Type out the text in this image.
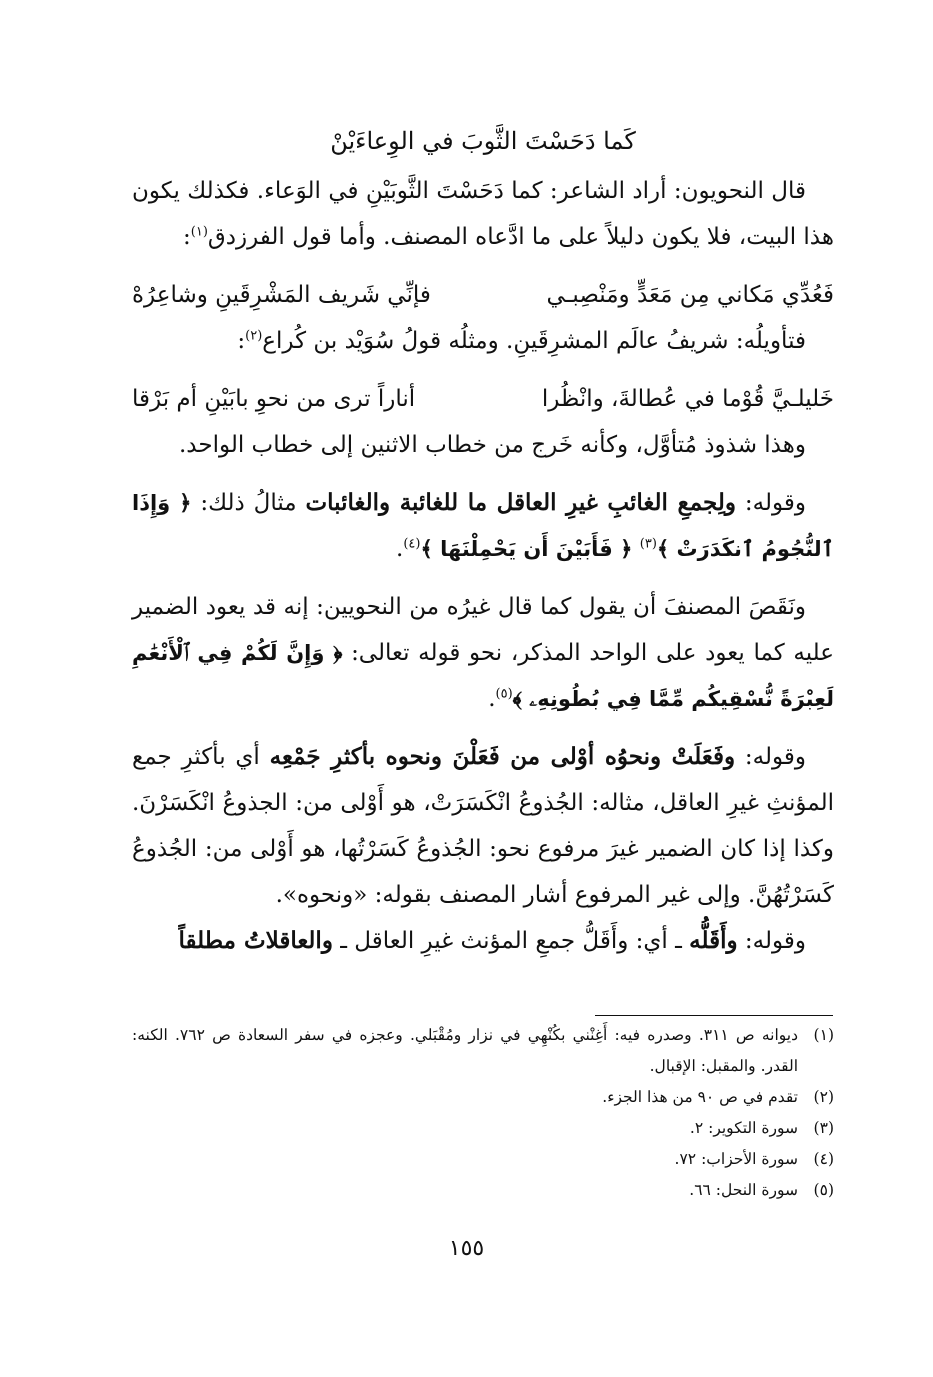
كَما دَحَسْتَ الثَّوبَ في الوِعاءَيْنْ

قال النحويون: أراد الشاعر: كما دَحَسْتَ الثَّوبَيْنِ في الوَعاء. فكذلك يكون هذا البيت، فلا يكون دليلاً على ما ادَّعاه المصنف. وأما قول الفرزدق$^{(١)}$:

فَعُدِّي مَكاني مِن مَعَدٍّ ومَنْصِبـي
فإنِّي شَريف المَشْرِقَينِ وشاعِرُهْ

فتأويلُه: شريفُ عالَم المشرِقَينِ. ومثلُه قولُ سُوَيْد بن كُراع$^{(٢)}$:

خَليلـيَّ قُوْما في عُطالةَ، وانْظُرا
أناراً ترى من نحوِ بابَيْنِ أم بَرْقا

وهذا شذوذ مُتأوَّل، وكأنه خَرج من خطاب الاثنين إلى خطاب الواحد.

وقوله: ولِجمعِ الغائبِ غيرِ العاقل ما للغائبة والغائبات مثالُ ذلك: ﴿ وَإِذَا ٱلنُّجُومُ ٱنكَدَرَتْ ﴾$^{(٣)}$ ﴿ فَأَبَيْنَ أَن يَحْمِلْنَهَا ﴾$^{(٤)}$.

ونَقَصَ المصنفَ أن يقول كما قال غيرُه من النحويين: إنه قد يعود الضمير عليه كما يعود على الواحد المذكر، نحو قوله تعالى: ﴿ وَإِنَّ لَكُمْ فِي ٱلْأَنْعَٰمِ لَعِبْرَةً نُّسْقِيكُم مِّمَّا فِي بُطُونِهِۦ ﴾$^{(٥)}$.

وقوله: وفَعَلَتْ ونحوُه أوْلى من فَعَلْنَ ونحوه بأكثرِ جَمْعِه أي بأكثرِ جمع المؤنثِ غيرِ العاقل، مثاله: الجُذوعُ انْكَسَرَتْ، هو أَوْلى من: الجذوعُ انْكَسَرْنَ. وكذا إذا كان الضمير غيرَ مرفوع نحو: الجُذوعُ كَسَرْتُها، هو أَوْلى من: الجُذوعُ كَسَرْتُهُنَّ. وإلى غير المرفوع أشار المصنف بقوله: «ونحوه».

وقوله: وأَقَلُّه ـ أي: وأَقَلُّ جمعِ المؤنث غيرِ العاقل ـ والعاقلاتُ مطلقاً

(١)
ديوانه ص ٣١١. وصدره فيه: أَغِنْني بكُنْهِي في نزار ومُقْبَلي. وعجزه في سفر السعادة ص ٧٦٢. الكنه: القدر. والمقبل: الإقبال.
(٢)
تقدم في ص ٩٠ من هذا الجزء.
(٣)
سورة التكوير: ٢.
(٤)
سورة الأحزاب: ٧٢.
(٥)
سورة النحل: ٦٦.
١٥٥
